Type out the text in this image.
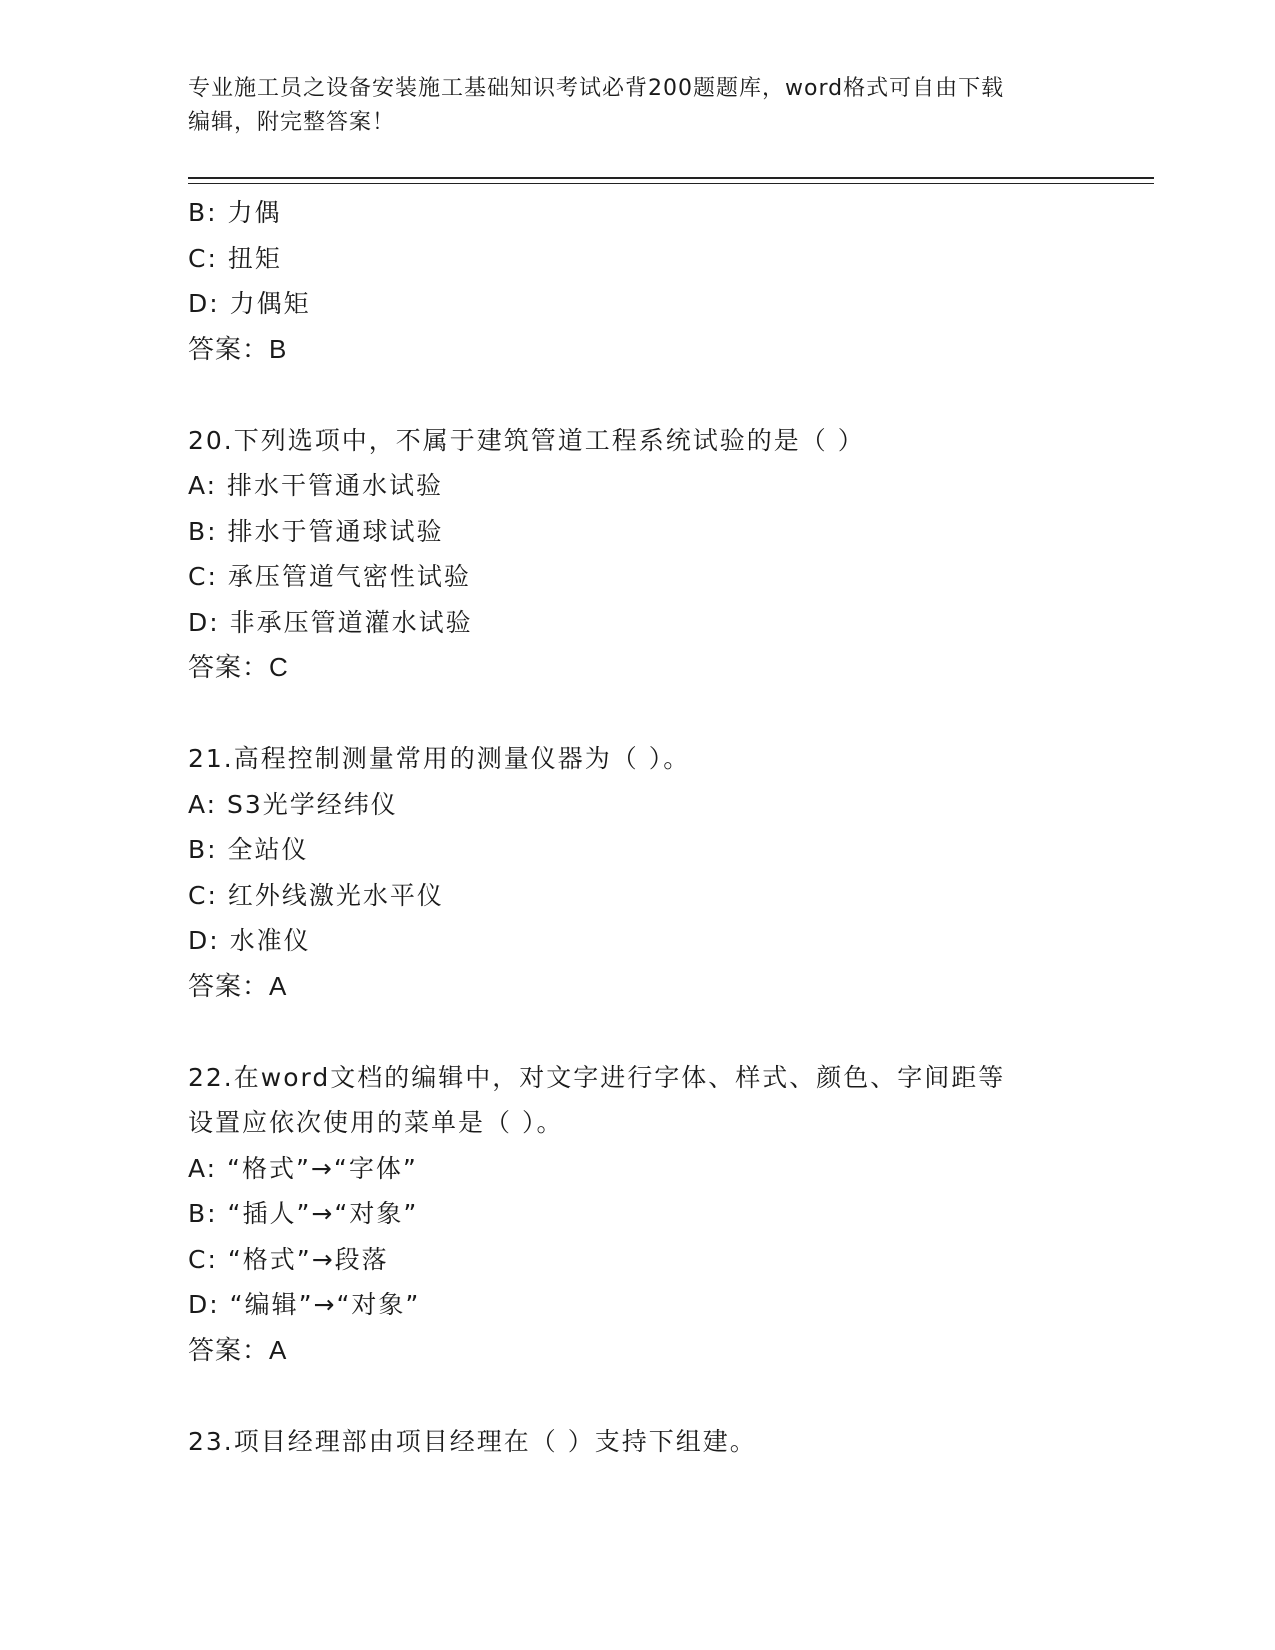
专业施工员之设备安装施工基础知识考试必背200题题库，word格式可自由下载
编辑，附完整答案！
B: 力偶
C: 扭矩
D: 力偶矩
答案：B
20.下列选项中，不属于建筑管道工程系统试验的是（ ）
A: 排水干管通水试验
B: 排水于管通球试验
C: 承压管道气密性试验
D: 非承压管道灌水试验
答案：C
21.高程控制测量常用的测量仪器为（ ）。
A: S3光学经纬仪
B: 全站仪
C: 红外线激光水平仪
D: 水准仪
答案：A
22.在word文档的编辑中，对文字进行字体、样式、颜色、字间距等
设置应依次使用的菜单是（ ）。
A: “格式”→“字体”
B: “插人”→“对象”
C: “格式”→段落
D: “编辑”→“对象”
答案：A
23.项目经理部由项目经理在（ ）支持下组建。
